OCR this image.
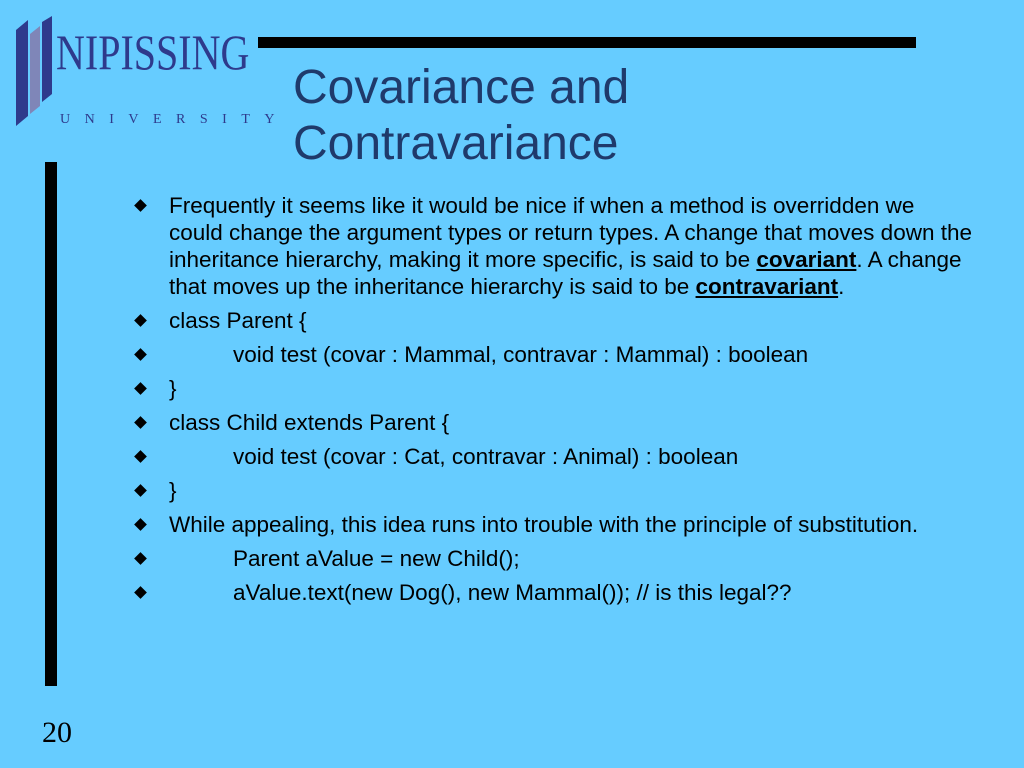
NIPISSING
UNIVERSITY
Covariance and
Contravariance
Frequently it seems like it would be nice if when a method is overridden we could change the argument types or return types. A change that moves down the inheritance hierarchy, making it more specific, is said to be covariant. A change that moves up the inheritance hierarchy is said to be contravariant.
class Parent {
void test (covar : Mammal, contravar : Mammal) : boolean
}
class Child extends Parent {
void test (covar : Cat, contravar : Animal) : boolean
}
While appealing, this idea runs into trouble with the principle of substitution.
Parent aValue = new Child();
aValue.text(new Dog(), new Mammal()); // is this legal??
20
